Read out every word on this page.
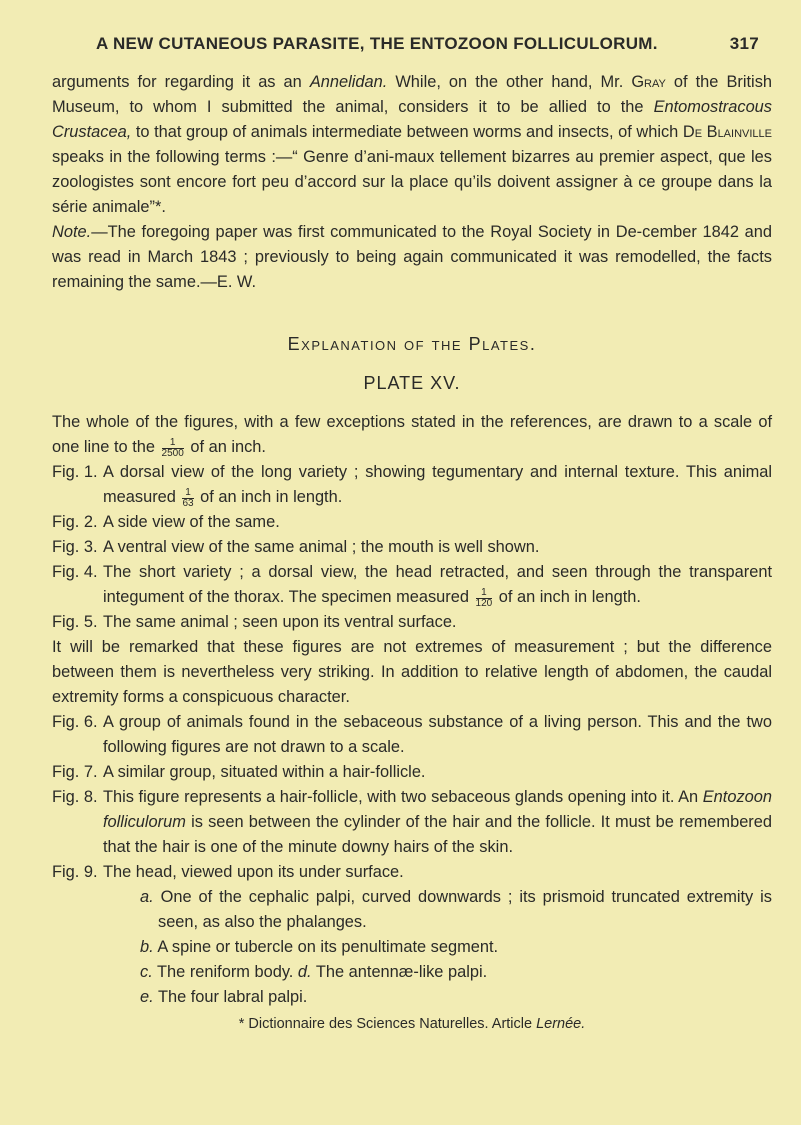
A NEW CUTANEOUS PARASITE, THE ENTOZOON FOLLICULORUM.	317

arguments for regarding it as an Annelidan. While, on the other hand, Mr. Gray of the British Museum, to whom I submitted the animal, considers it to be allied to the Entomostracous Crustacea, to that group of animals intermediate between worms and insects, of which De Blainville speaks in the following terms :—“ Genre d’ani-maux tellement bizarres au premier aspect, que les zoologistes sont encore fort peu d’accord sur la place qu’ils doivent assigner à ce groupe dans la série animale”*.

Note.—The foregoing paper was first communicated to the Royal Society in De-cember 1842 and was read in March 1843 ; previously to being again communicated it was remodelled, the facts remaining the same.—E. W.

Explanation of the Plates.
PLATE XV.

The whole of the figures, with a few exceptions stated in the references, are drawn to a scale of one line to the $\frac{1}{2500}$ of an inch.

Fig. 1. A dorsal view of the long variety ; showing tegumentary and internal texture. This animal measured $\frac{1}{63}$ of an inch in length.

Fig. 2. A side view of the same.

Fig. 3. A ventral view of the same animal ; the mouth is well shown.

Fig. 4. The short variety ; a dorsal view, the head retracted, and seen through the transparent integument of the thorax. The specimen measured $\frac{1}{120}$ of an inch in length.

Fig. 5. The same animal ; seen upon its ventral surface.

It will be remarked that these figures are not extremes of measurement ; but the difference between them is nevertheless very striking. In addition to relative length of abdomen, the caudal extremity forms a conspicuous character.

Fig. 6. A group of animals found in the sebaceous substance of a living person. This and the two following figures are not drawn to a scale.

Fig. 7. A similar group, situated within a hair-follicle.

Fig. 8. This figure represents a hair-follicle, with two sebaceous glands opening into it. An Entozoon folliculorum is seen between the cylinder of the hair and the follicle. It must be remembered that the hair is one of the minute downy hairs of the skin.

Fig. 9. The head, viewed upon its under surface.

a. One of the cephalic palpi, curved downwards ; its prismoid truncated extremity is seen, as also the phalanges.

b. A spine or tubercle on its penultimate segment.

c. The reniform body. d. The antennæ-like palpi.

e. The four labral palpi.

* Dictionnaire des Sciences Naturelles. Article Lernée.
